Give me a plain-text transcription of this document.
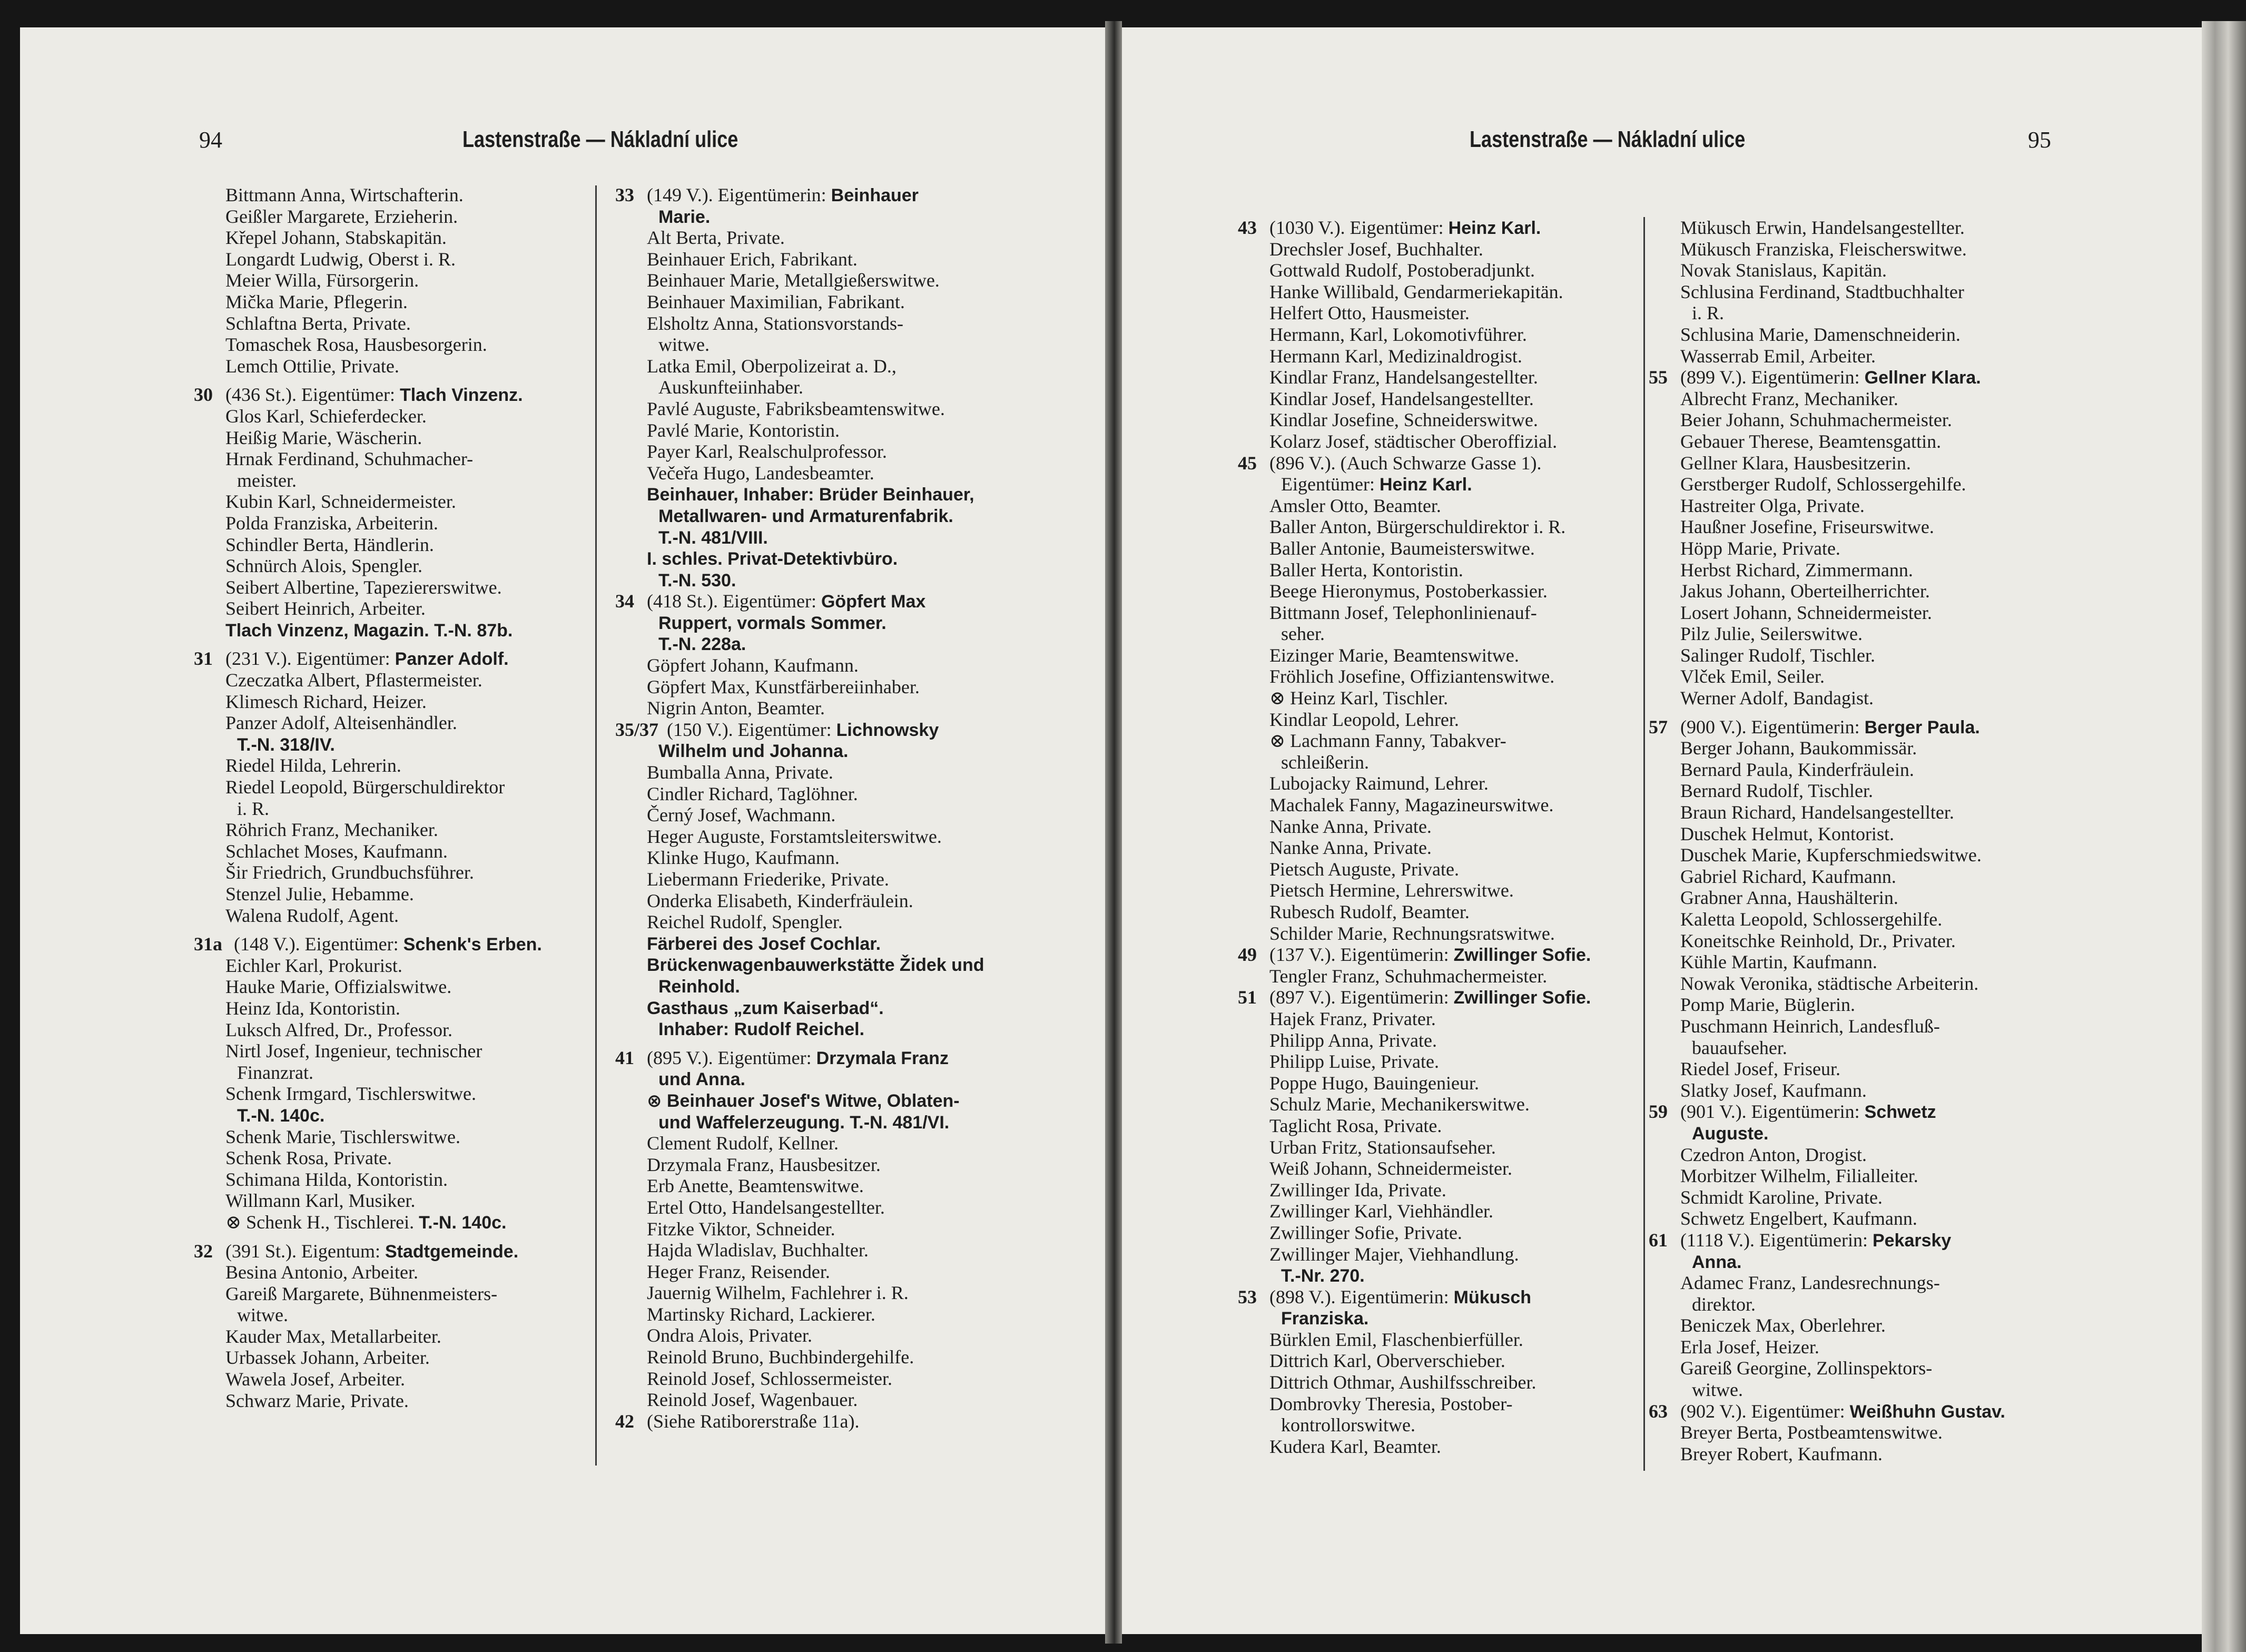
94	Lastenstraße — Nákladní ulice
Bittmann Anna, Wirtschafterin.
Geißler Margarete, Erzieherin.
Křepel Johann, Stabskapitän.
Longardt Ludwig, Oberst i. R.
Meier Willa, Fürsorgerin.
Mička Marie, Pflegerin.
Schlaftna Berta, Private.
Tomaschek Rosa, Hausbesorgerin.
Lemch Ottilie, Private.
30 (436 St.). Eigentümer: Tlach Vinzenz.
Glos Karl, Schieferdecker.
Heißig Marie, Wäscherin.
Hrnak Ferdinand, Schuhmacher-
meister.
Kubin Karl, Schneidermeister.
Polda Franziska, Arbeiterin.
Schindler Berta, Händlerin.
Schnürch Alois, Spengler.
Seibert Albertine, Tapeziererswitwe.
Seibert Heinrich, Arbeiter.
Tlach Vinzenz, Magazin. T.-N. 87b.
31 (231 V.). Eigentümer: Panzer Adolf.
Czeczatka Albert, Pflastermeister.
Klimesch Richard, Heizer.
Panzer Adolf, Alteisenhändler.
T.-N. 318/IV.
Riedel Hilda, Lehrerin.
Riedel Leopold, Bürgerschuldirektor
i. R.
Röhrich Franz, Mechaniker.
Schlachet Moses, Kaufmann.
Šir Friedrich, Grundbuchsführer.
Stenzel Julie, Hebamme.
Walena Rudolf, Agent.
31a (148 V.). Eigentümer: Schenk's Erben.
Eichler Karl, Prokurist.
Hauke Marie, Offizialswitwe.
Heinz Ida, Kontoristin.
Luksch Alfred, Dr., Professor.
Nirtl Josef, Ingenieur, technischer
Finanzrat.
Schenk Irmgard, Tischlerswitwe.
T.-N. 140c.
Schenk Marie, Tischlerswitwe.
Schenk Rosa, Private.
Schimana Hilda, Kontoristin.
Willmann Karl, Musiker.
⊗ Schenk H., Tischlerei. T.-N. 140c.
32 (391 St.). Eigentum: Stadtgemeinde.
Besina Antonio, Arbeiter.
Gareiß Margarete, Bühnenmeisters-
witwe.
Kauder Max, Metallarbeiter.
Urbassek Johann, Arbeiter.
Wawela Josef, Arbeiter.
Schwarz Marie, Private.
33 (149 V.). Eigentümerin: Beinhauer
Marie.
Alt Berta, Private.
Beinhauer Erich, Fabrikant.
Beinhauer Marie, Metallgießerswitwe.
Beinhauer Maximilian, Fabrikant.
Elsholtz Anna, Stationsvorstands-
witwe.
Latka Emil, Oberpolizeirat a. D.,
Auskunfteiinhaber.
Pavlé Auguste, Fabriksbeamtenswitwe.
Pavlé Marie, Kontoristin.
Payer Karl, Realschulprofessor.
Večeřa Hugo, Landesbeamter.
Beinhauer, Inhaber: Brüder Beinhauer,
Metallwaren- und Armaturenfabrik.
T.-N. 481/VIII.
I. schles. Privat-Detektivbüro.
T.-N. 530.
34 (418 St.). Eigentümer: Göpfert Max
Ruppert, vormals Sommer.
T.-N. 228a.
Göpfert Johann, Kaufmann.
Göpfert Max, Kunstfärbereiinhaber.
Nigrin Anton, Beamter.
35/37 (150 V.). Eigentümer: Lichnowsky
Wilhelm und Johanna.
Bumballa Anna, Private.
Cindler Richard, Taglöhner.
Černý Josef, Wachmann.
Heger Auguste, Forstamtsleiterswitwe.
Klinke Hugo, Kaufmann.
Liebermann Friederike, Private.
Onderka Elisabeth, Kinderfräulein.
Reichel Rudolf, Spengler.
Färberei des Josef Cochlar.
Brückenwagenbauwerkstätte Židek und
Reinhold.
Gasthaus „zum Kaiserbad“.
Inhaber: Rudolf Reichel.
41 (895 V.). Eigentümer: Drzymala Franz
und Anna.
⊗ Beinhauer Josef's Witwe, Oblaten-
und Waffelerzeugung. T.-N. 481/VI.
Clement Rudolf, Kellner.
Drzymala Franz, Hausbesitzer.
Erb Anette, Beamtenswitwe.
Ertel Otto, Handelsangestellter.
Fitzke Viktor, Schneider.
Hajda Wladislav, Buchhalter.
Heger Franz, Reisender.
Jauernig Wilhelm, Fachlehrer i. R.
Martinsky Richard, Lackierer.
Ondra Alois, Privater.
Reinold Bruno, Buchbindergehilfe.
Reinold Josef, Schlossermeister.
Reinold Josef, Wagenbauer.
42 (Siehe Ratiborerstraße 11a).
95
Lastenstraße — Nákladní ulice
43 (1030 V.). Eigentümer: Heinz Karl.
Drechsler Josef, Buchhalter.
Gottwald Rudolf, Postoberadjunkt.
Hanke Willibald, Gendarmeriekapitän.
Helfert Otto, Hausmeister.
Hermann, Karl, Lokomotivführer.
Hermann Karl, Medizinaldrogist.
Kindlar Franz, Handelsangestellter.
Kindlar Josef, Handelsangestellter.
Kindlar Josefine, Schneiderswitwe.
Kolarz Josef, städtischer Oberoffizial.
45 (896 V.). (Auch Schwarze Gasse 1).
Eigentümer: Heinz Karl.
Amsler Otto, Beamter.
Baller Anton, Bürgerschuldirektor i. R.
Baller Antonie, Baumeisterswitwe.
Baller Herta, Kontoristin.
Beege Hieronymus, Postoberkassier.
Bittmann Josef, Telephonlinienauf-
seher.
Eizinger Marie, Beamtenswitwe.
Fröhlich Josefine, Offiziantenswitwe.
⊗ Heinz Karl, Tischler.
Kindlar Leopold, Lehrer.
⊗ Lachmann Fanny, Tabakver-
schleißerin.
Lubojacky Raimund, Lehrer.
Machalek Fanny, Magazineurswitwe.
Nanke Anna, Private.
Nanke Anna, Private.
Pietsch Auguste, Private.
Pietsch Hermine, Lehrerswitwe.
Rubesch Rudolf, Beamter.
Schilder Marie, Rechnungsratswitwe.
49 (137 V.). Eigentümerin: Zwillinger Sofie.
Tengler Franz, Schuhmachermeister.
51 (897 V.). Eigentümerin: Zwillinger Sofie.
Hajek Franz, Privater.
Philipp Anna, Private.
Philipp Luise, Private.
Poppe Hugo, Bauingenieur.
Schulz Marie, Mechanikerswitwe.
Taglicht Rosa, Private.
Urban Fritz, Stationsaufseher.
Weiß Johann, Schneidermeister.
Zwillinger Ida, Private.
Zwillinger Karl, Viehhändler.
Zwillinger Sofie, Private.
Zwillinger Majer, Viehhandlung.
T.-Nr. 270.
53 (898 V.). Eigentümerin: Mükusch
Franziska.
Bürklen Emil, Flaschenbierfüller.
Dittrich Karl, Oberverschieber.
Dittrich Othmar, Aushilfsschreiber.
Dombrovky Theresia, Postober-
kontrollorswitwe.
Kudera Karl, Beamter.
Mükusch Erwin, Handelsangestellter.
Mükusch Franziska, Fleischerswitwe.
Novak Stanislaus, Kapitän.
Schlusina Ferdinand, Stadtbuchhalter
i. R.
Schlusina Marie, Damenschneiderin.
Wasserrab Emil, Arbeiter.
55 (899 V.). Eigentümerin: Gellner Klara.
Albrecht Franz, Mechaniker.
Beier Johann, Schuhmachermeister.
Gebauer Therese, Beamtensgattin.
Gellner Klara, Hausbesitzerin.
Gerstberger Rudolf, Schlossergehilfe.
Hastreiter Olga, Private.
Haußner Josefine, Friseurswitwe.
Höpp Marie, Private.
Herbst Richard, Zimmermann.
Jakus Johann, Oberteilherrichter.
Losert Johann, Schneidermeister.
Pilz Julie, Seilerswitwe.
Salinger Rudolf, Tischler.
Vlček Emil, Seiler.
Werner Adolf, Bandagist.
57 (900 V.). Eigentümerin: Berger Paula.
Berger Johann, Baukommissär.
Bernard Paula, Kinderfräulein.
Bernard Rudolf, Tischler.
Braun Richard, Handelsangestellter.
Duschek Helmut, Kontorist.
Duschek Marie, Kupferschmiedswitwe.
Gabriel Richard, Kaufmann.
Grabner Anna, Haushälterin.
Kaletta Leopold, Schlossergehilfe.
Koneitschke Reinhold, Dr., Privater.
Kühle Martin, Kaufmann.
Nowak Veronika, städtische Arbeiterin.
Pomp Marie, Büglerin.
Puschmann Heinrich, Landesfluß-
bauaufseher.
Riedel Josef, Friseur.
Slatky Josef, Kaufmann.
59 (901 V.). Eigentümerin: Schwetz
Auguste.
Czedron Anton, Drogist.
Morbitzer Wilhelm, Filialleiter.
Schmidt Karoline, Private.
Schwetz Engelbert, Kaufmann.
61 (1118 V.). Eigentümerin: Pekarsky
Anna.
Adamec Franz, Landesrechnungs-
direktor.
Beniczek Max, Oberlehrer.
Erla Josef, Heizer.
Gareiß Georgine, Zollinspektors-
witwe.
63 (902 V.). Eigentümer: Weißhuhn Gustav.
Breyer Berta, Postbeamtenswitwe.
Breyer Robert, Kaufmann.
